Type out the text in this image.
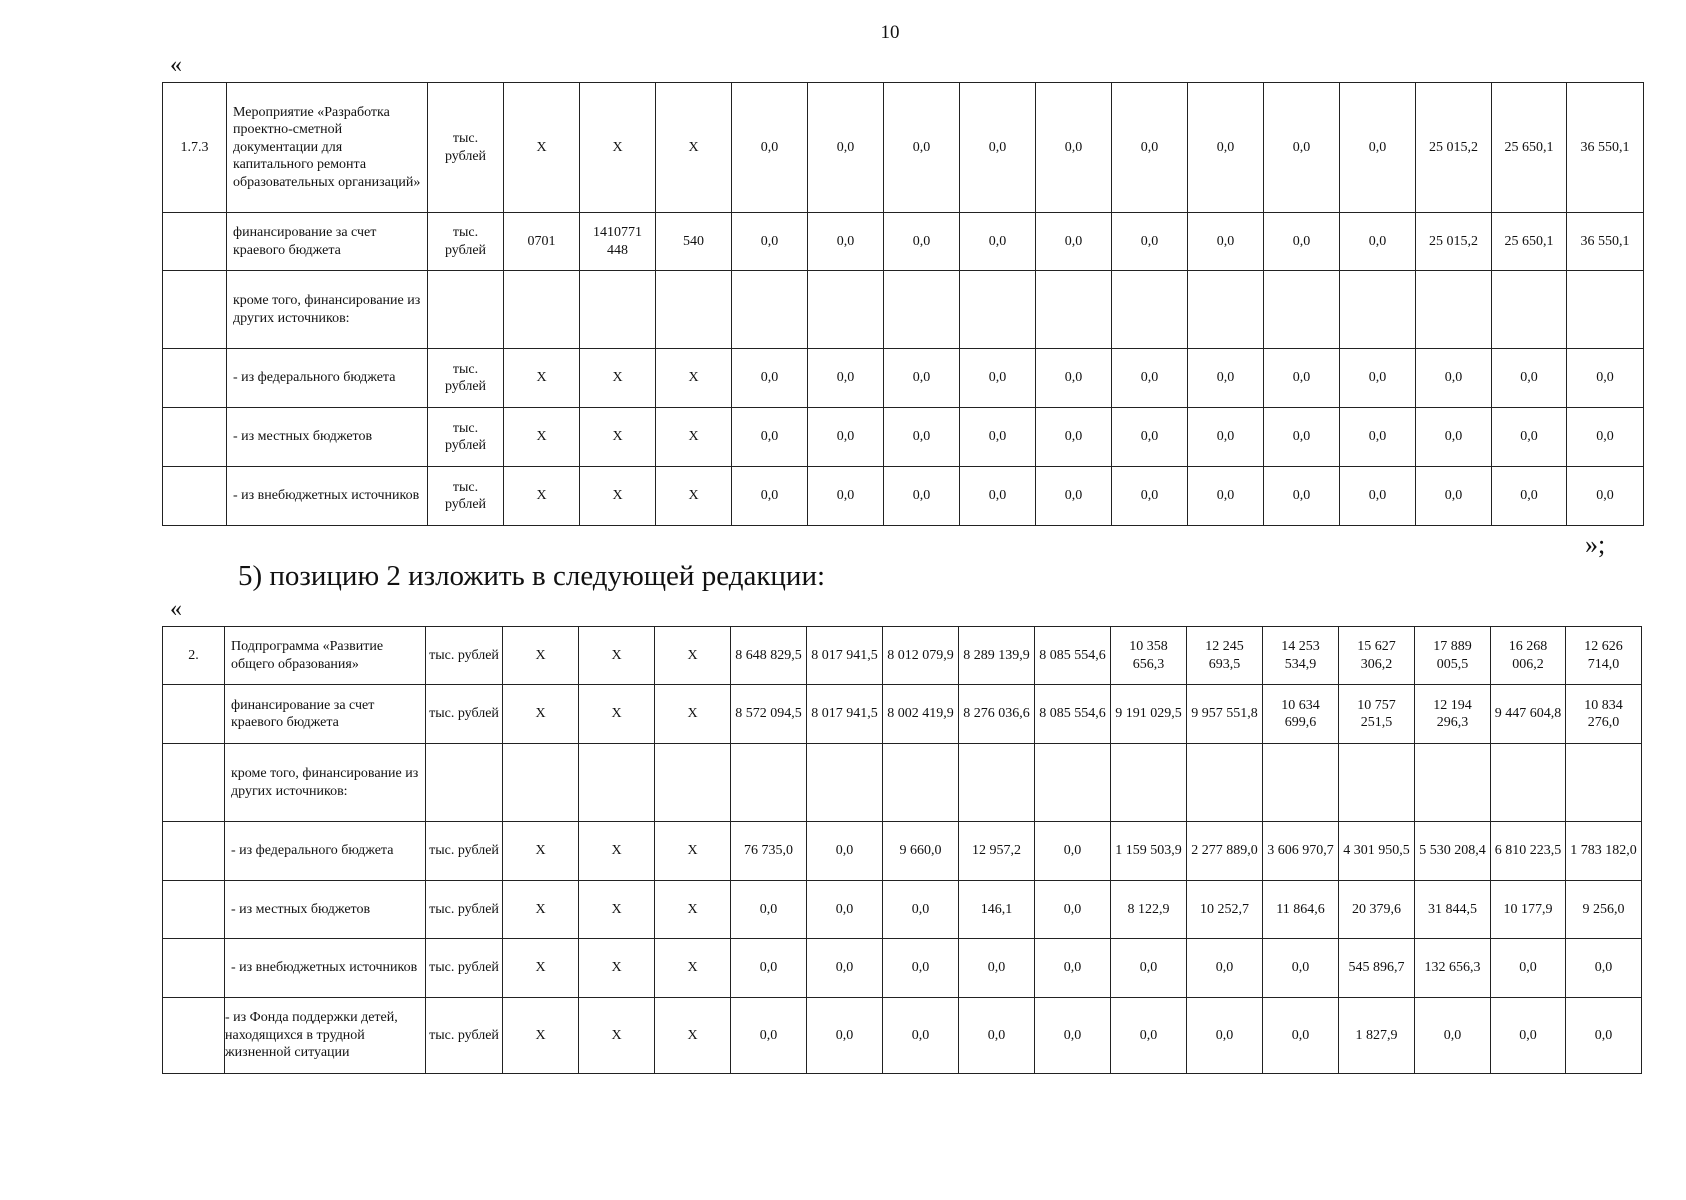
10
«
1.7.3	Мероприятие «Разработка проектно-сметной документации для капитального ремонта образовательных организаций»	тыс. рублей	X	X	X	0,0	0,0	0,0	0,0	0,0	0,0	0,0	0,0	0,0	25 015,2	25 650,1	36 550,1
	финансирование за счет краевого бюджета	тыс. рублей	0701	1410771 448	540	0,0	0,0	0,0	0,0	0,0	0,0	0,0	0,0	0,0	25 015,2	25 650,1	36 550,1
	кроме того, финансирование из других источников:																
	- из федерального бюджета	тыс. рублей	X	X	X	0,0	0,0	0,0	0,0	0,0	0,0	0,0	0,0	0,0	0,0	0,0	0,0
	- из местных бюджетов	тыс. рублей	X	X	X	0,0	0,0	0,0	0,0	0,0	0,0	0,0	0,0	0,0	0,0	0,0	0,0
	- из внебюджетных источников	тыс. рублей	X	X	X	0,0	0,0	0,0	0,0	0,0	0,0	0,0	0,0	0,0	0,0	0,0	0,0
»;
5) позицию 2 изложить в следующей редакции:
«
2.	Подпрограмма «Развитие общего образования»	тыс. рублей	X	X	X	8 648 829,5	8 017 941,5	8 012 079,9	8 289 139,9	8 085 554,6	10 358 656,3	12 245 693,5	14 253 534,9	15 627 306,2	17 889 005,5	16 268 006,2	12 626 714,0
	финансирование за счет краевого бюджета	тыс. рублей	X	X	X	8 572 094,5	8 017 941,5	8 002 419,9	8 276 036,6	8 085 554,6	9 191 029,5	9 957 551,8	10 634 699,6	10 757 251,5	12 194 296,3	9 447 604,8	10 834 276,0
	кроме того, финансирование из других источников:																
	- из федерального бюджета	тыс. рублей	X	X	X	76 735,0	0,0	9 660,0	12 957,2	0,0	1 159 503,9	2 277 889,0	3 606 970,7	4 301 950,5	5 530 208,4	6 810 223,5	1 783 182,0
	- из местных бюджетов	тыс. рублей	X	X	X	0,0	0,0	0,0	146,1	0,0	8 122,9	10 252,7	11 864,6	20 379,6	31 844,5	10 177,9	9 256,0
	- из внебюджетных источников	тыс. рублей	X	X	X	0,0	0,0	0,0	0,0	0,0	0,0	0,0	0,0	545 896,7	132 656,3	0,0	0,0
	- из Фонда поддержки детей, находящихся в трудной жизненной ситуации	тыс. рублей	X	X	X	0,0	0,0	0,0	0,0	0,0	0,0	0,0	0,0	1 827,9	0,0	0,0	0,0
